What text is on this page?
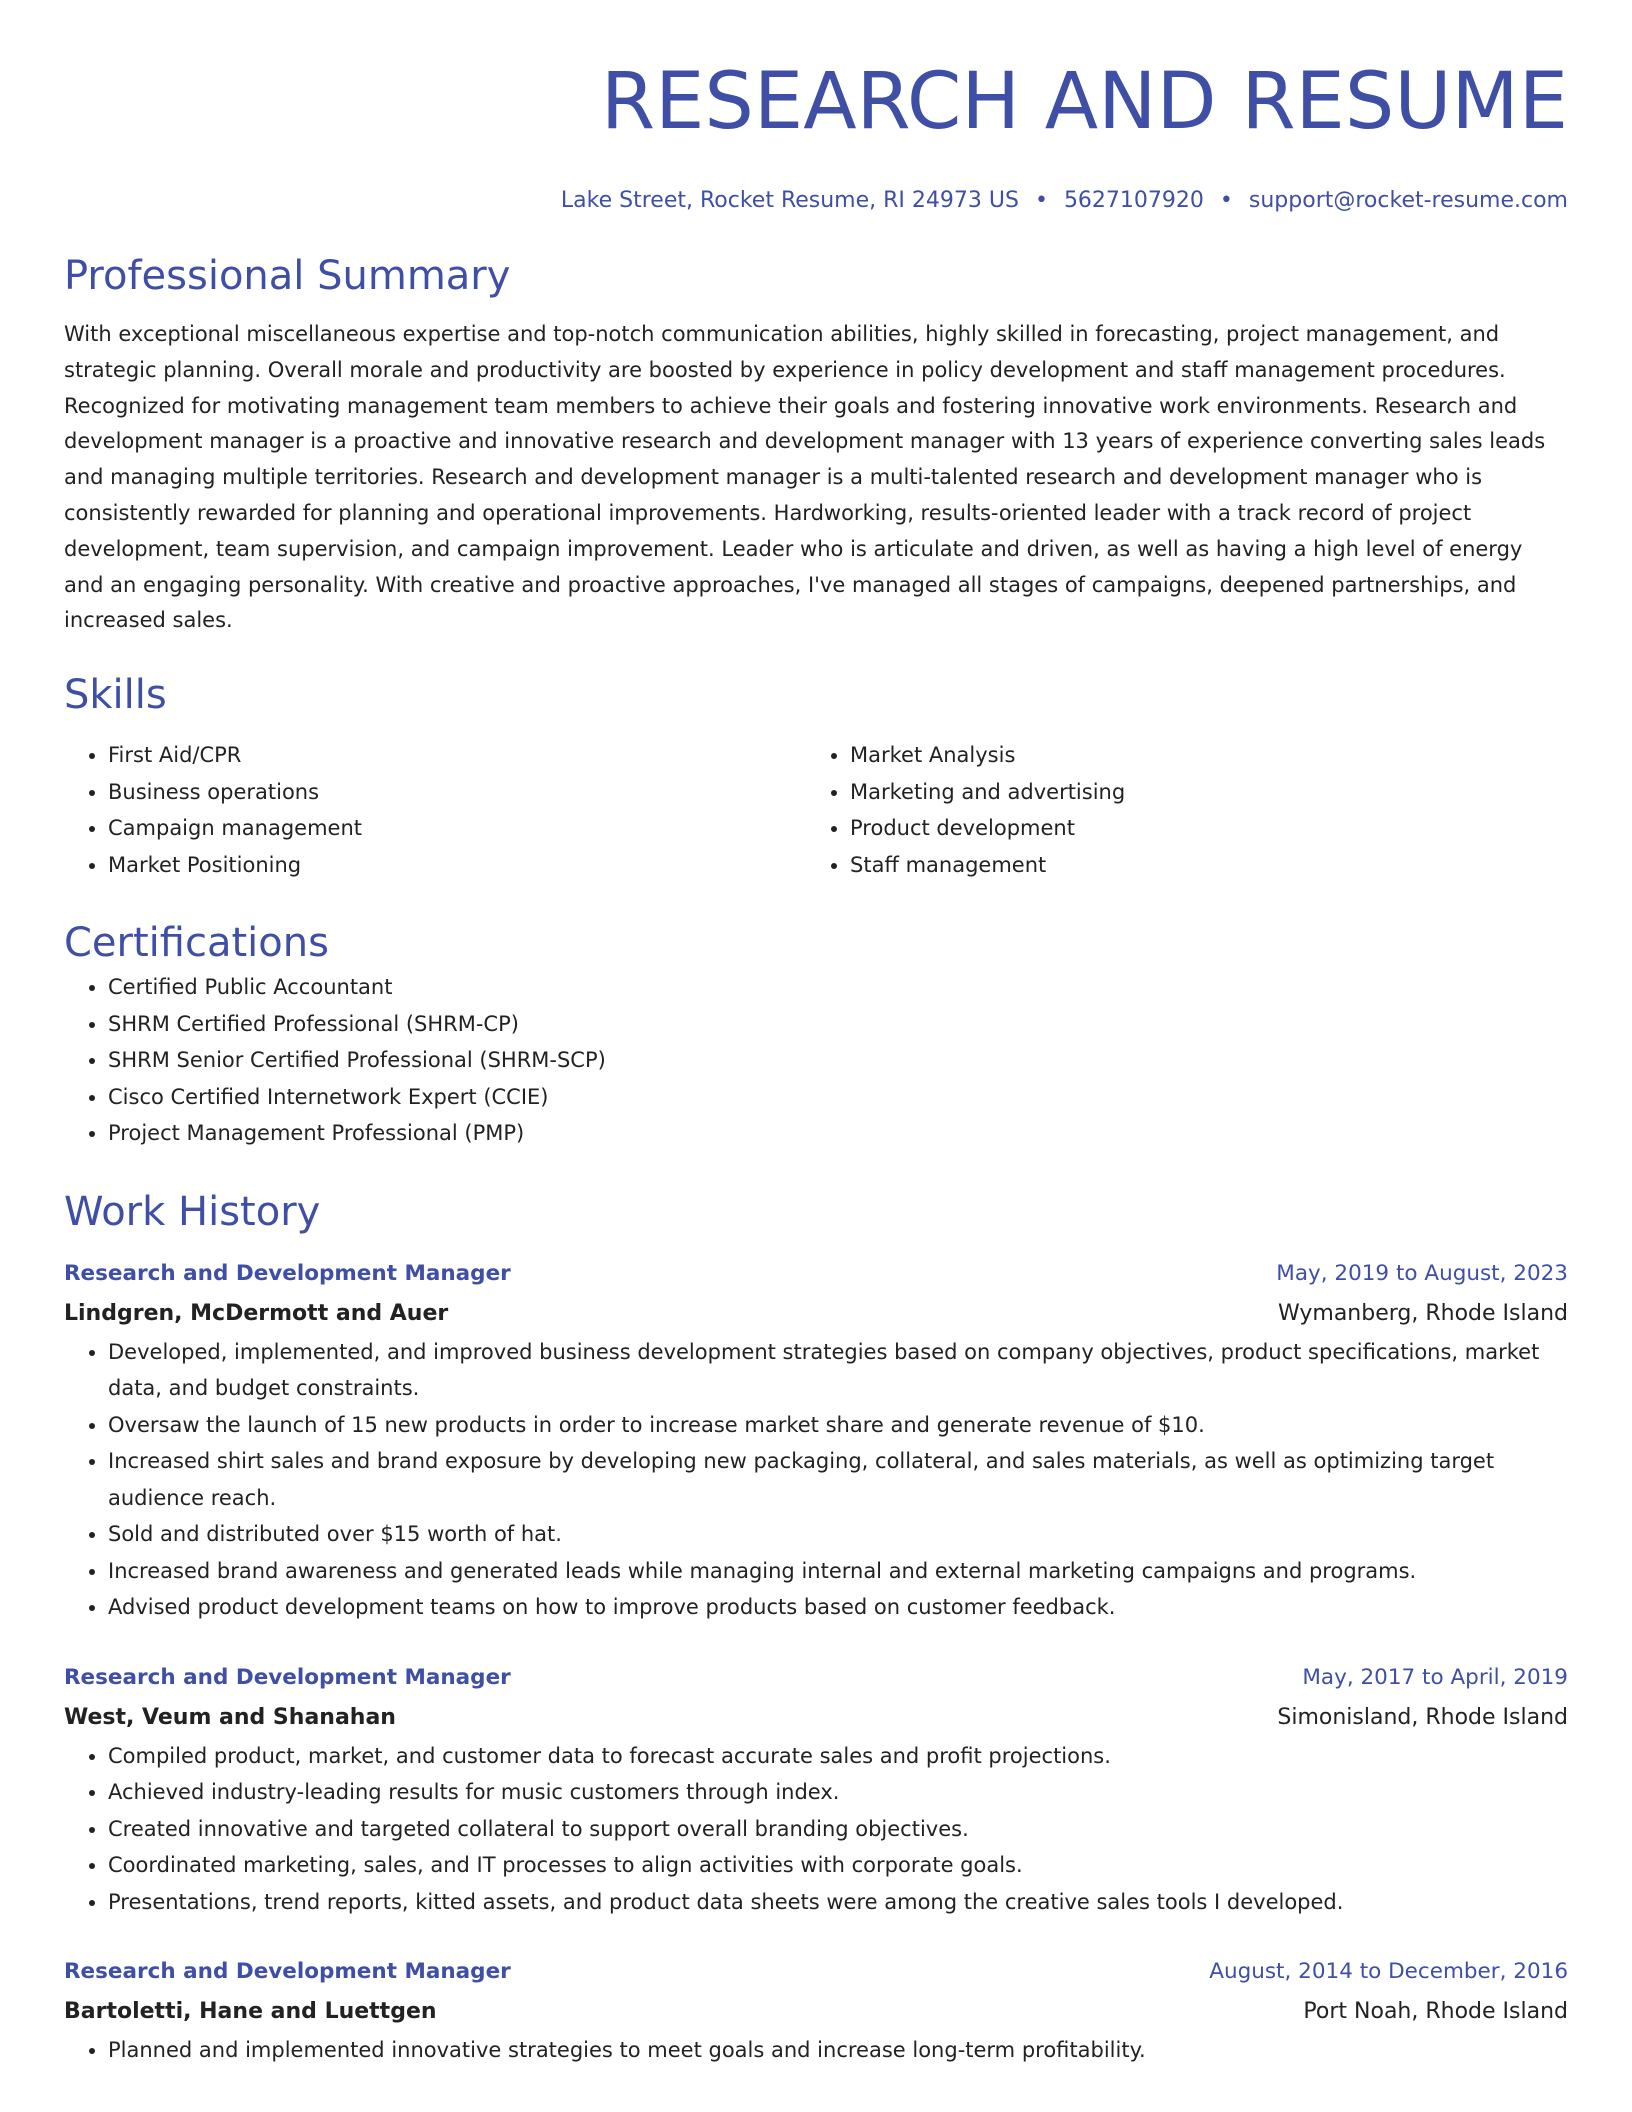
RESEARCH AND RESUME
Lake Street, Rocket Resume, RI 24973 US • 5627107920 • support@rocket-resume.com
Professional Summary
With exceptional miscellaneous expertise and top-notch communication abilities, highly skilled in forecasting, project management, and strategic planning. Overall morale and productivity are boosted by experience in policy development and staff management procedures. Recognized for motivating management team members to achieve their goals and fostering innovative work environments. Research and development manager is a proactive and innovative research and development manager with 13 years of experience converting sales leads and managing multiple territories. Research and development manager is a multi-talented research and development manager who is consistently rewarded for planning and operational improvements. Hardworking, results-oriented leader with a track record of project development, team supervision, and campaign improvement. Leader who is articulate and driven, as well as having a high level of energy and an engaging personality. With creative and proactive approaches, I've managed all stages of campaigns, deepened partnerships, and increased sales.
Skills
• First Aid/CPR
• Business operations
• Campaign management
• Market Positioning
• Market Analysis
• Marketing and advertising
• Product development
• Staff management
Certifications
• Certified Public Accountant
• SHRM Certified Professional (SHRM-CP)
• SHRM Senior Certified Professional (SHRM-SCP)
• Cisco Certified Internetwork Expert (CCIE)
• Project Management Professional (PMP)
Work History
Research and Development Manager	May, 2019 to August, 2023
Lindgren, McDermott and Auer	Wymanberg, Rhode Island
• Developed, implemented, and improved business development strategies based on company objectives, product specifications, market data, and budget constraints.
• Oversaw the launch of 15 new products in order to increase market share and generate revenue of $10.
• Increased shirt sales and brand exposure by developing new packaging, collateral, and sales materials, as well as optimizing target audience reach.
• Sold and distributed over $15 worth of hat.
• Increased brand awareness and generated leads while managing internal and external marketing campaigns and programs.
• Advised product development teams on how to improve products based on customer feedback.
Research and Development Manager	May, 2017 to April, 2019
West, Veum and Shanahan	Simonisland, Rhode Island
• Compiled product, market, and customer data to forecast accurate sales and profit projections.
• Achieved industry-leading results for music customers through index.
• Created innovative and targeted collateral to support overall branding objectives.
• Coordinated marketing, sales, and IT processes to align activities with corporate goals.
• Presentations, trend reports, kitted assets, and product data sheets were among the creative sales tools I developed.
Research and Development Manager	August, 2014 to December, 2016
Bartoletti, Hane and Luettgen	Port Noah, Rhode Island
• Planned and implemented innovative strategies to meet goals and increase long-term profitability.
